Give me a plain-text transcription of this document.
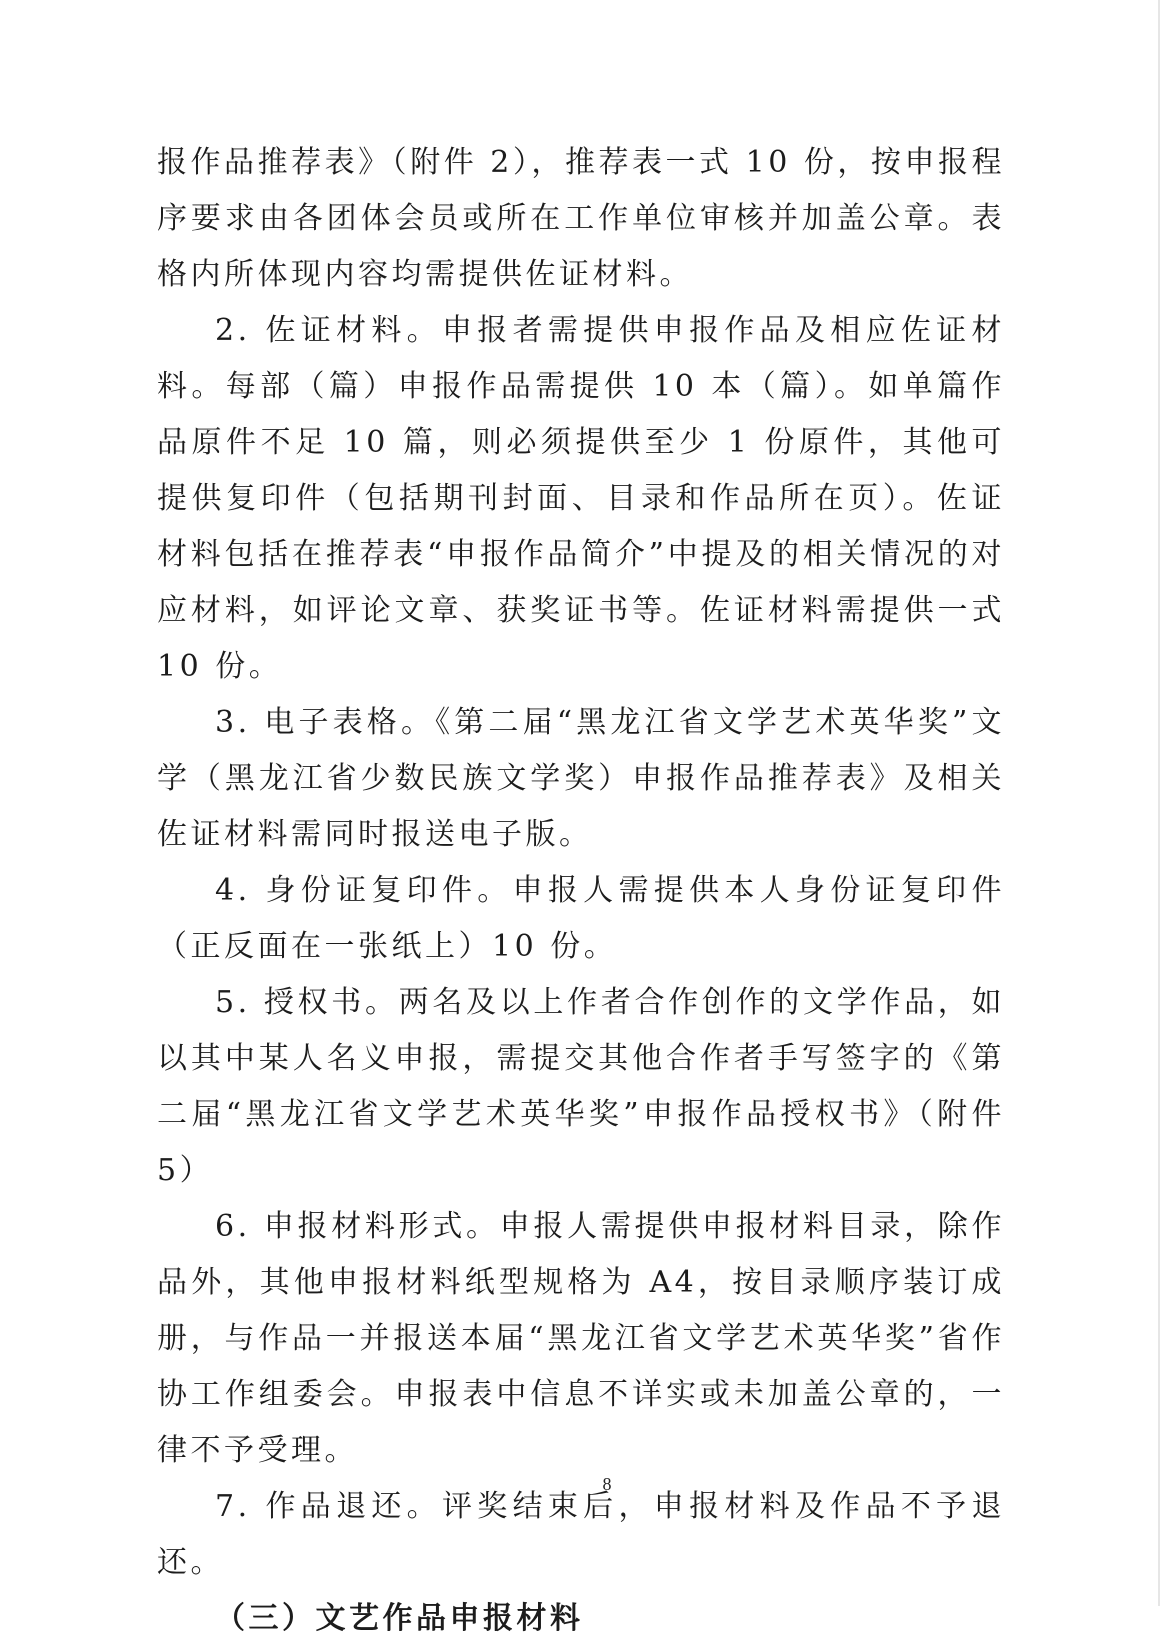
报作品推荐表》（附件 2），推荐表一式 10 份，按申报程序要求由各团体会员或所在工作单位审核并加盖公章。表格内所体现内容均需提供佐证材料。

2. 佐证材料。申报者需提供申报作品及相应佐证材料。每部（篇）申报作品需提供 10 本（篇）。如单篇作品原件不足 10 篇，则必须提供至少 1 份原件，其他可提供复印件（包括期刊封面、目录和作品所在页）。佐证材料包括在推荐表“申报作品简介”中提及的相关情况的对应材料，如评论文章、获奖证书等。佐证材料需提供一式 10 份。

3. 电子表格。《第二届“黑龙江省文学艺术英华奖”文学（黑龙江省少数民族文学奖）申报作品推荐表》及相关佐证材料需同时报送电子版。

4. 身份证复印件。申报人需提供本人身份证复印件（正反面在一张纸上）10 份。

5. 授权书。两名及以上作者合作创作的文学作品，如以其中某人名义申报，需提交其他合作者手写签字的《第二届“黑龙江省文学艺术英华奖”申报作品授权书》（附件 5）

6. 申报材料形式。申报人需提供申报材料目录，除作品外，其他申报材料纸型规格为 A4，按目录顺序装订成册，与作品一并报送本届“黑龙江省文学艺术英华奖”省作协工作组委会。申报表中信息不详实或未加盖公章的，一律不予受理。

7. 作品退还。评奖结束后，申报材料及作品不予退还。

（三）文艺作品申报材料

8
